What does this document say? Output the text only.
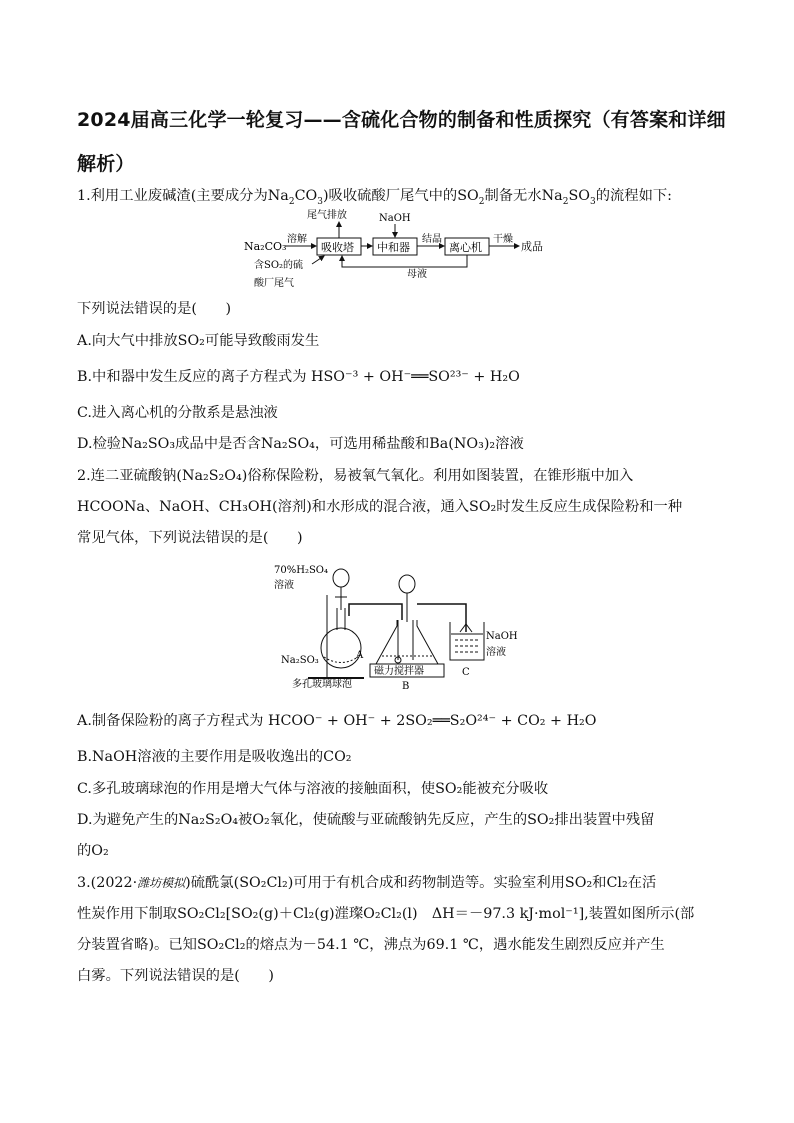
2024届高三化学一轮复习——含硫化合物的制备和性质探究（有答案和详细解析）
1.利用工业废碱渣(主要成分为$Na_2CO_3$)吸收硫酸厂尾气中的$SO_2$制备无水$Na_2SO_3$的流程如下:
Na₂CO₃
溶解
吸收塔
尾气排放
中和器
NaOH
结晶
离心机
干燥
成品
母液
含SO₂的硫
酸厂尾气
下列说法错误的是(　　)
A.向大气中排放SO₂可能导致酸雨发生
B.中和器中发生反应的离子方程式为 HSO⁻³ + OH⁻══SO²³⁻ + H₂O
C.进入离心机的分散系是悬浊液
D.检验Na₂SO₃成品中是否含Na₂SO₄，可选用稀盐酸和Ba(NO₃)₂溶液
2.连二亚硫酸钠(Na₂S₂O₄)俗称保险粉，易被氧气氧化。利用如图装置，在锥形瓶中加入
HCOONa、NaOH、CH₃OH(溶剂)和水形成的混合液，通入SO₂时发生反应生成保险粉和一种
常见气体，下列说法错误的是(　　)
70%H₂SO₄
溶液
Na₂SO₃	A
磁力搅拌器
多孔玻璃球泡	B
NaOH
溶液
C
A.制备保险粉的离子方程式为 HCOO⁻ + OH⁻ + 2SO₂══S₂O²⁴⁻ + CO₂ + H₂O
B.NaOH溶液的主要作用是吸收逸出的CO₂
C.多孔玻璃球泡的作用是增大气体与溶液的接触面积，使SO₂能被充分吸收
D.为避免产生的Na₂S₂O₄被O₂氧化，使硫酸与亚硫酸钠先反应，产生的SO₂排出装置中残留
的O₂
3.(2022·潍坊模拟)硫酰氯(SO₂Cl₂)可用于有机合成和药物制造等。实验室利用SO₂和Cl₂在活
性炭作用下制取SO₂Cl₂[SO₂(g)＋Cl₂(g)漄璨O₂Cl₂(l)　ΔH＝－97.3 kJ·mol⁻¹],装置如图所示(部
分装置省略)。已知SO₂Cl₂的熔点为－54.1 ℃，沸点为69.1 ℃，遇水能发生剧烈反应并产生
白雾。下列说法错误的是(　　)
